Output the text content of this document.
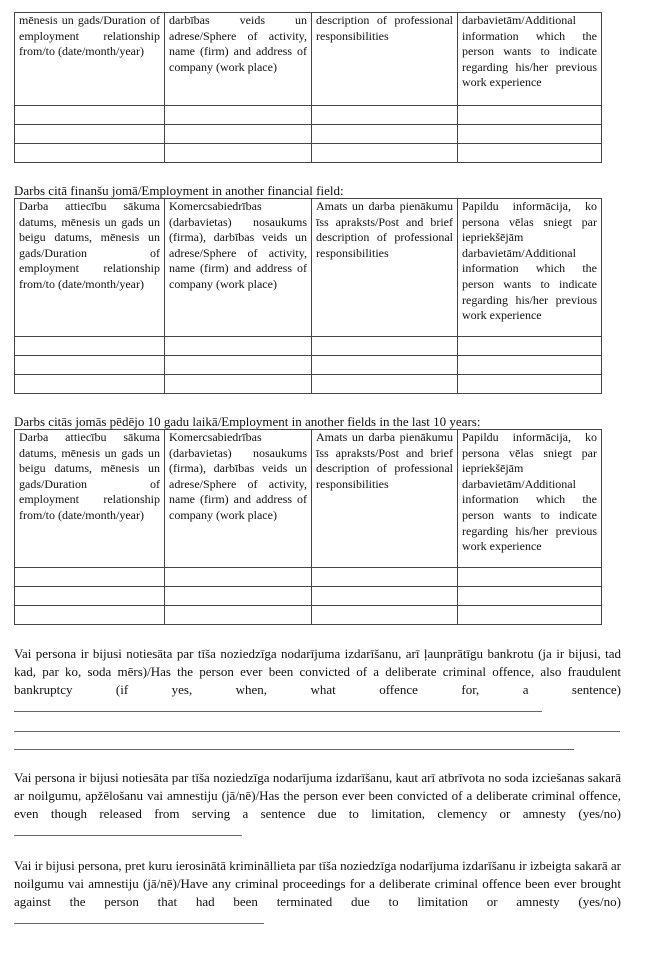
mēnesis un gads/Duration of employment relationship from/to (date/month/year)	darbības veids un adrese/Sphere of activity, name (firm) and address of company (work place)	description of professional responsibilities	darbavietām/Additional information which the person wants to indicate regarding his/her previous work experience

Darbs citā finanšu jomā/Employment in another financial field:
Darba attiecību sākuma datums, mēnesis un gads un beigu datums, mēnesis un gads/Duration of employment relationship from/to (date/month/year)	Komercsabiedrības (darbavietas) nosaukums (firma), darbības veids un adrese/Sphere of activity, name (firm) and address of company (work place)	Amats un darba pienākumu īss apraksts/Post and brief description of professional responsibilities	Papildu informācija, ko persona vēlas sniegt par iepriekšējām darbavietām/Additional information which the person wants to indicate regarding his/her previous work experience

Darbs citās jomās pēdējo 10 gadu laikā/Employment in another fields in the last 10 years:
Darba attiecību sākuma datums, mēnesis un gads un beigu datums, mēnesis un gads/Duration of employment relationship from/to (date/month/year)	Komercsabiedrības (darbavietas) nosaukums (firma), darbības veids un adrese/Sphere of activity, name (firm) and address of company (work place)	Amats un darba pienākumu īss apraksts/Post and brief description of professional responsibilities	Papildu informācija, ko persona vēlas sniegt par iepriekšējām darbavietām/Additional information which the person wants to indicate regarding his/her previous work experience

Vai persona ir bijusi notiesāta par tīša noziedzīga nodarījuma izdarīšanu, arī ļaunprātīgu bankrotu (ja ir bijusi, tad kad, par ko, soda mērs)/Has the person ever been convicted of a deliberate criminal offence, also fraudulent bankruptcy (if yes, when, what offence for, a sentence)
Vai persona ir bijusi notiesāta par tīša noziedzīga nodarījuma izdarīšanu, kaut arī atbrīvota no soda izciešanas sakarā ar noilgumu, apžēlošanu vai amnestiju (jā/nē)/Has the person ever been convicted of a deliberate criminal offence, even though released from serving a sentence due to limitation, clemency or amnesty (yes/no)
Vai ir bijusi persona, pret kuru ierosinātā krimināllieta par tīša noziedzīga nodarījuma izdarīšanu ir izbeigta sakarā ar noilgumu vai amnestiju (jā/nē)/Have any criminal proceedings for a deliberate criminal offence been ever brought against the person that had been terminated due to limitation or amnesty (yes/no)
